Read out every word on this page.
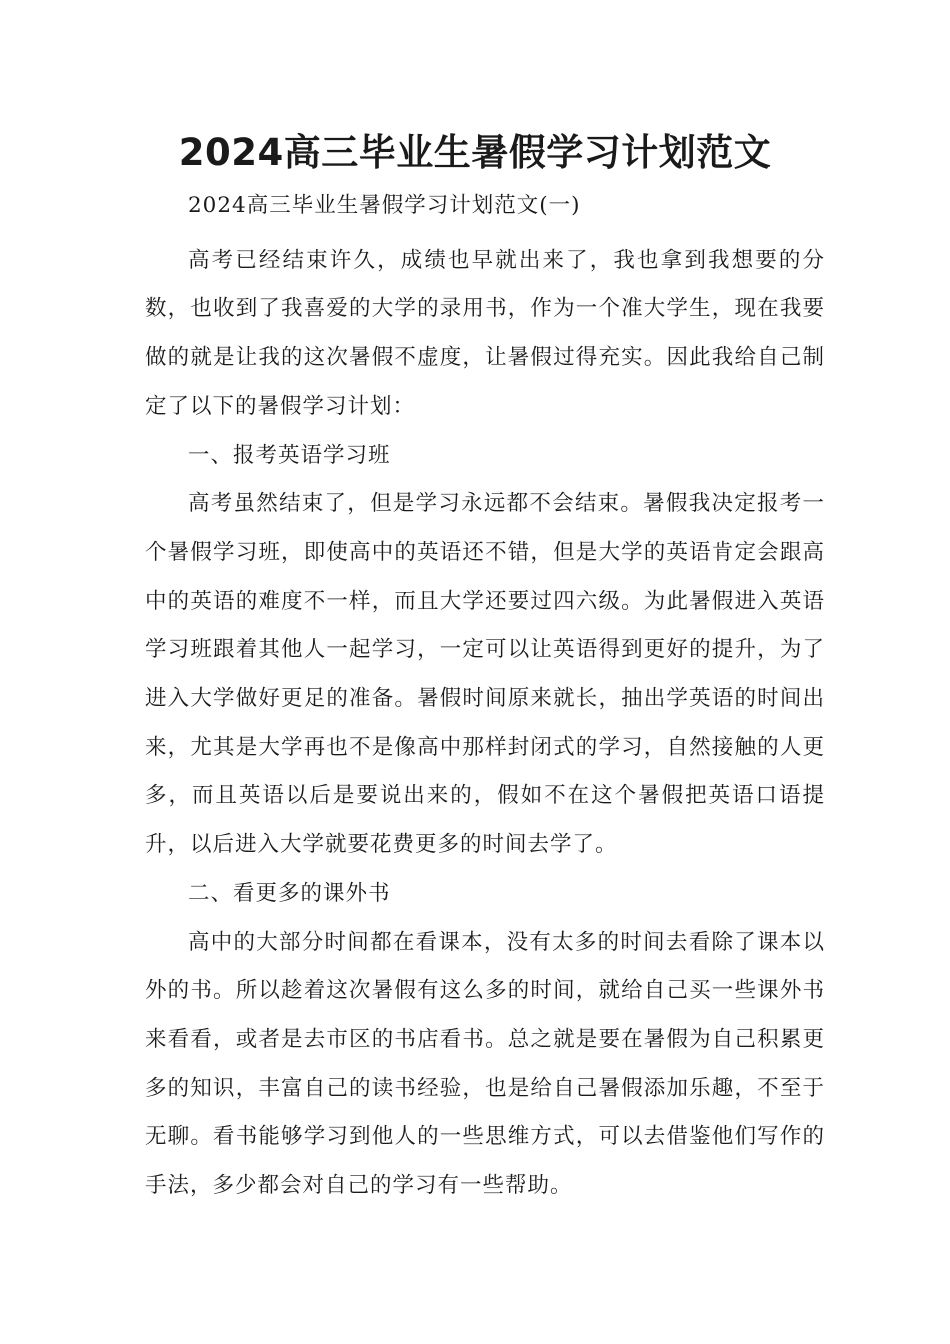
2024高三毕业生暑假学习计划范文

2024高三毕业生暑假学习计划范文(一)

高考已经结束许久，成绩也早就出来了，我也拿到我想要的分数，也收到了我喜爱的大学的录用书，作为一个准大学生，现在我要做的就是让我的这次暑假不虚度，让暑假过得充实。因此我给自己制定了以下的暑假学习计划：

一、报考英语学习班

高考虽然结束了，但是学习永远都不会结束。暑假我决定报考一个暑假学习班，即使高中的英语还不错，但是大学的英语肯定会跟高中的英语的难度不一样，而且大学还要过四六级。为此暑假进入英语学习班跟着其他人一起学习，一定可以让英语得到更好的提升，为了进入大学做好更足的准备。暑假时间原来就长，抽出学英语的时间出来，尤其是大学再也不是像高中那样封闭式的学习，自然接触的人更多，而且英语以后是要说出来的，假如不在这个暑假把英语口语提升，以后进入大学就要花费更多的时间去学了。

二、看更多的课外书

高中的大部分时间都在看课本，没有太多的时间去看除了课本以外的书。所以趁着这次暑假有这么多的时间，就给自己买一些课外书来看看，或者是去市区的书店看书。总之就是要在暑假为自己积累更多的知识，丰富自己的读书经验，也是给自己暑假添加乐趣，不至于无聊。看书能够学习到他人的一些思维方式，可以去借鉴他们写作的手法，多少都会对自己的学习有一些帮助。
